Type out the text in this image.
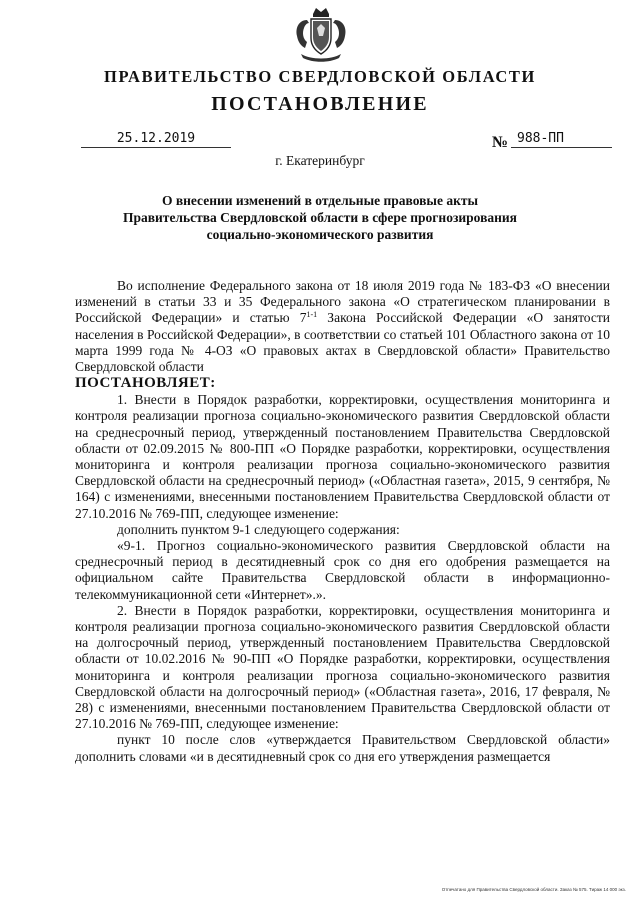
ПРАВИТЕЛЬСТВО СВЕРДЛОВСКОЙ ОБЛАСТИ
ПОСТАНОВЛЕНИЕ
25.12.2019	№ 988-ПП
г. Екатеринбург
О внесении изменений в отдельные правовые акты
Правительства Свердловской области в сфере прогнозирования
социально-экономического развития

Во исполнение Федерального закона от 18 июля 2019 года № 183-ФЗ «О внесении изменений в статьи 33 и 35 Федерального закона «О стратегическом планировании в Российской Федерации» и статью 7$^{1-1}$ Закона Российской Федерации «О занятости населения в Российской Федерации», в соответствии со статьей 101 Областного закона от 10 марта 1999 года № 4-ОЗ «О правовых актах в Свердловской области» Правительство Свердловской области

ПОСТАНОВЛЯЕТ:

1. Внести в Порядок разработки, корректировки, осуществления мониторинга и контроля реализации прогноза социально-экономического развития Свердловской области на среднесрочный период, утвержденный постановлением Правительства Свердловской области от 02.09.2015 № 800-ПП «О Порядке разработки, корректировки, осуществления мониторинга и контроля реализации прогноза социально-экономического развития Свердловской области на среднесрочный период» («Областная газета», 2015, 9 сентября, № 164) с изменениями, внесенными постановлением Правительства Свердловской области от 27.10.2016 № 769-ПП, следующее изменение:

дополнить пунктом 9-1 следующего содержания:

«9-1. Прогноз социально-экономического развития Свердловской области на среднесрочный период в десятидневный срок со дня его одобрения размещается на официальном сайте Правительства Свердловской области в информационно-телекоммуникационной сети «Интернет».».

2. Внести в Порядок разработки, корректировки, осуществления мониторинга и контроля реализации прогноза социально-экономического развития Свердловской области на долгосрочный период, утвержденный постановлением Правительства Свердловской области от 10.02.2016 № 90-ПП «О Порядке разработки, корректировки, осуществления мониторинга и контроля реализации прогноза социально-экономического развития Свердловской области на долгосрочный период» («Областная газета», 2016, 17 февраля, № 28) с изменениями, внесенными постановлением Правительства Свердловской области от 27.10.2016 № 769-ПП, следующее изменение:

пункт 10 после слов «утверждается Правительством Свердловской области» дополнить словами «и в десятидневный срок со дня его утверждения размещается

Отпечатано для Правительства Свердловской области. Заказ № 575. Тираж 14 000 экз.
